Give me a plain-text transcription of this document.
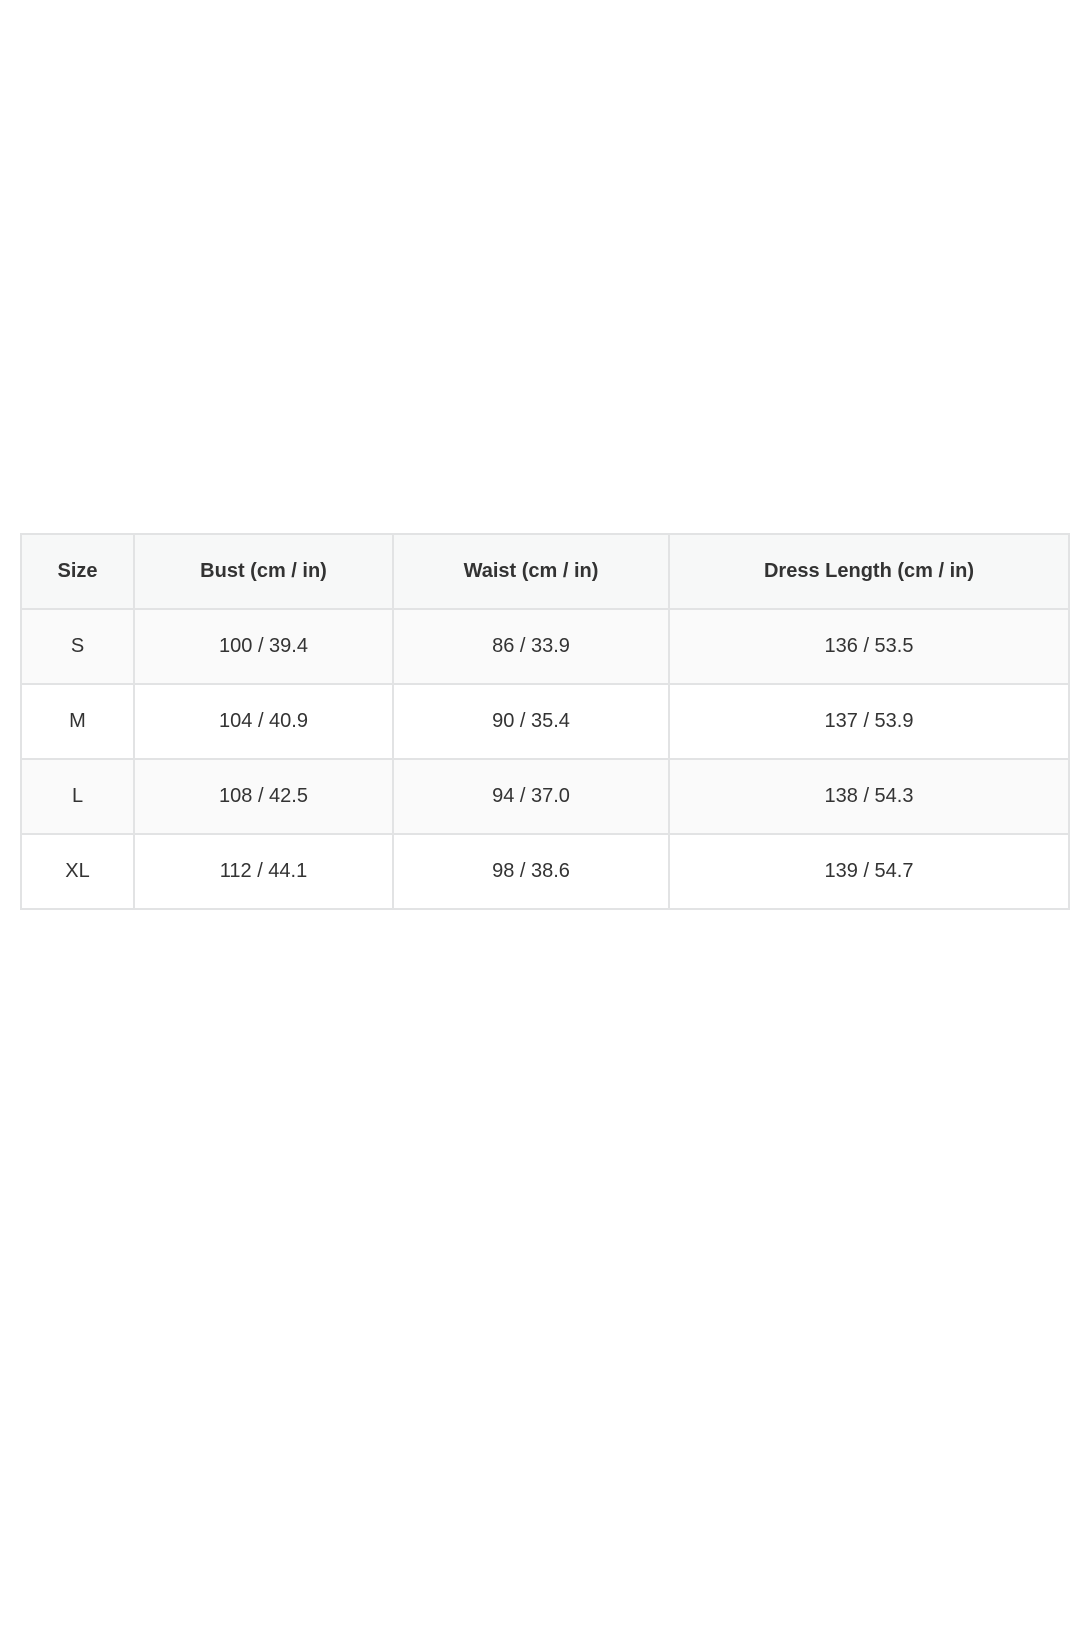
Size	Bust (cm / in)	Waist (cm / in)	Dress Length (cm / in)
S	100 / 39.4	86 / 33.9	136 / 53.5
M	104 / 40.9	90 / 35.4	137 / 53.9
L	108 / 42.5	94 / 37.0	138 / 54.3
XL	112 / 44.1	98 / 38.6	139 / 54.7
